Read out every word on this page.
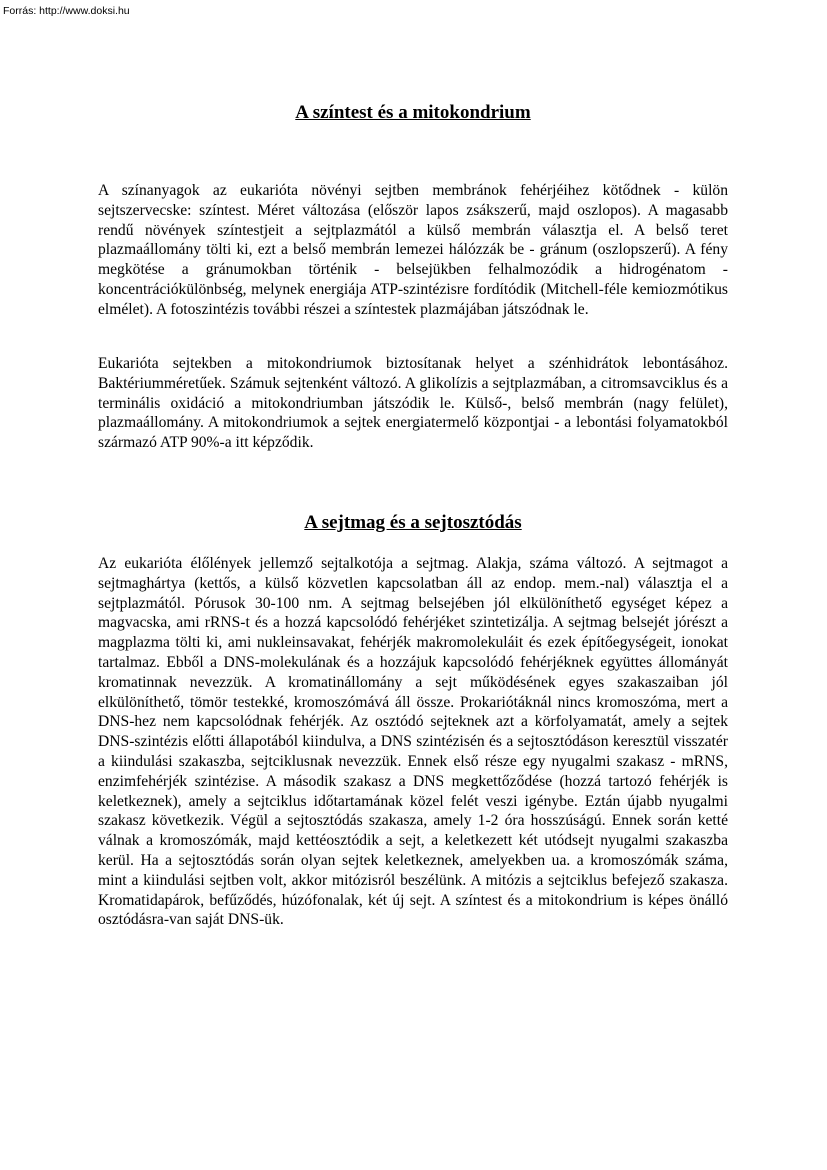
Forrás: http://www.doksi.hu
A színtest és a mitokondrium

A színanyagok az eukarióta növényi sejtben membránok fehérjéihez kötődnek - külön sejtszervecske: színtest. Méret változása (először lapos zsákszerű, majd oszlopos). A magasabb rendű növények színtestjeit a sejtplazmától a külső membrán választja el. A belső teret plazmaállomány tölti ki, ezt a belső membrán lemezei hálózzák be - gránum (oszlopszerű). A fény megkötése a gránumokban történik - belsejükben felhalmozódik a hidrogénatom - koncentrációkülönbség, melynek energiája ATP-szintézisre fordítódik (Mitchell-féle kemiozmótikus elmélet). A fotoszintézis további részei a színtestek plazmájában játszódnak le.

Eukarióta sejtekben a mitokondriumok biztosítanak helyet a szénhidrátok lebontásához. Baktériumméretűek. Számuk sejtenként változó. A glikolízis a sejtplazmában, a citromsavciklus és a terminális oxidáció a mitokondriumban játszódik le. Külső-, belső membrán (nagy felület), plazmaállomány. A mitokondriumok a sejtek energiatermelő központjai - a lebontási folyamatokból származó ATP 90%-a itt képződik.

A sejtmag és a sejtosztódás

Az eukarióta élőlények jellemző sejtalkotója a sejtmag. Alakja, száma változó. A sejtmagot a sejtmaghártya (kettős, a külső közvetlen kapcsolatban áll az endop. mem.-nal) választja el a sejtplazmától. Pórusok 30-100 nm. A sejtmag belsejében jól elkülöníthető egységet képez a magvacska, ami rRNS-t és a hozzá kapcsolódó fehérjéket szintetizálja. A sejtmag belsejét jórészt a magplazma tölti ki, ami nukleinsavakat, fehérjék makromolekuláit és ezek építőegységeit, ionokat tartalmaz. Ebből a DNS-molekulának és a hozzájuk kapcsolódó fehérjéknek együttes állományát kromatinnak nevezzük. A kromatinállomány a sejt működésének egyes szakaszaiban jól elkülöníthető, tömör testekké, kromoszómává áll össze. Prokariótáknál nincs kromoszóma, mert a DNS-hez nem kapcsolódnak fehérjék. Az osztódó sejteknek azt a körfolyamatát, amely a sejtek DNS-szintézis előtti állapotából kiindulva, a DNS szintézisén és a sejtosztódáson keresztül visszatér a kiindulási szakaszba, sejtciklusnak nevezzük. Ennek első része egy nyugalmi szakasz - mRNS, enzimfehérjék szintézise. A második szakasz a DNS megkettőződése (hozzá tartozó fehérjék is keletkeznek), amely a sejtciklus időtartamának közel felét veszi igénybe. Eztán újabb nyugalmi szakasz következik. Végül a sejtosztódás szakasza, amely 1-2 óra hosszúságú. Ennek során ketté válnak a kromoszómák, majd kettéosztódik a sejt, a keletkezett két utódsejt nyugalmi szakaszba kerül. Ha a sejtosztódás során olyan sejtek keletkeznek, amelyekben ua. a kromoszómák száma, mint a kiindulási sejtben volt, akkor mitózisról beszélünk. A mitózis a sejtciklus befejező szakasza. Kromatidapárok, befűződés, húzófonalak, két új sejt. A színtest és a mitokondrium is képes önálló osztódásra-van saját DNS-ük.
